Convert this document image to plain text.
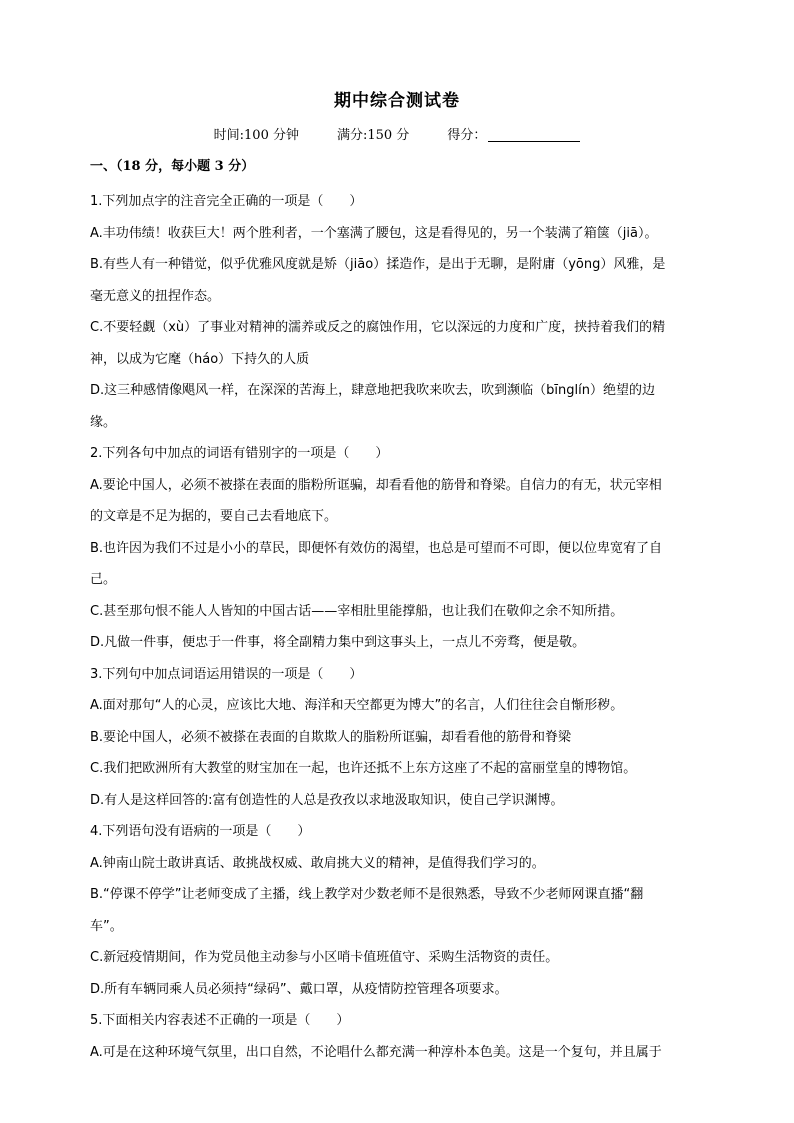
期中综合测试卷
时间:100 分钟	满分:150 分	得分：
一、（18 分，每小题 3 分）

1.下列加点字的注音完全正确的一项是（　　）

A.丰功伟绩！收获巨大！两个胜利者，一个塞满了腰包，这是看得见的，另一个装满了箱箧（jiā）。

B.有些人有一种错觉，似乎优雅风度就是矫（jiāo）揉造作，是出于无聊，是附庸（yōng）风雅，是

毫无意义的扭捏作态。

C.不要轻觑（xù）了事业对精神的濡养或反之的腐蚀作用，它以深远的力度和广度，挟持着我们的精

神，以成为它麾（háo）下持久的人质

D.这三种感情像飓风一样，在深深的苦海上，肆意地把我吹来吹去，吹到濒临（bīnglín）绝望的边

缘。

2.下列各句中加点的词语有错别字的一项是（　　）

A.要论中国人，必须不被搽在表面的脂粉所诓骗，却看看他的筋骨和脊梁。自信力的有无，状元宰相

的文章是不足为据的，要自己去看地底下。

B.也许因为我们不过是小小的草民，即便怀有效仿的渴望，也总是可望而不可即，便以位卑宽宥了自

己。

C.甚至那句恨不能人人皆知的中国古话——宰相肚里能撑船，也让我们在敬仰之余不知所措。

D.凡做一件事，便忠于一件事，将全副精力集中到这事头上，一点儿不旁骛，便是敬。

3.下列句中加点词语运用错误的一项是（　　）

A.面对那句“人的心灵，应该比大地、海洋和天空都更为博大”的名言，人们往往会自惭形秽。

B.要论中国人，必须不被搽在表面的自欺欺人的脂粉所诓骗，却看看他的筋骨和脊梁

C.我们把欧洲所有大教堂的财宝加在一起，也许还抵不上东方这座了不起的富丽堂皇的博物馆。

D.有人是这样回答的:富有创造性的人总是孜孜以求地汲取知识，使自己学识渊博。

4.下列语句没有语病的一项是（　　）

A.钟南山院士敢讲真话、敢挑战权威、敢肩挑大义的精神，是值得我们学习的。

B.“停课不停学”让老师变成了主播，线上教学对少数老师不是很熟悉，导致不少老师网课直播“翻

车”。

C.新冠疫情期间，作为党员他主动参与小区哨卡值班值守、采购生活物资的责任。

D.所有车辆同乘人员必须持“绿码”、戴口罩，从疫情防控管理各项要求。

5.下面相关内容表述不正确的一项是（　　）

A.可是在这种环境气氛里，出口自然，不论唱什么都充满一种淳朴本色美。这是一个复句，并且属于
